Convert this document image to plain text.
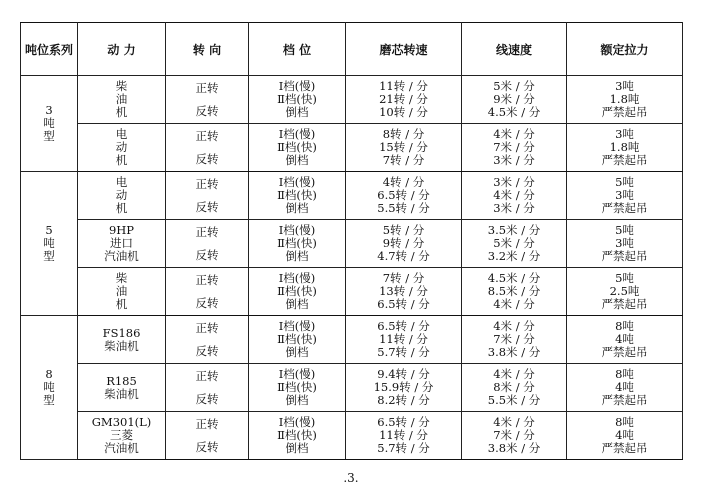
吨位系列	动 力	转 向	档 位	磨芯转速	线速度	额定拉力

3
吨
型	柴
油
机	正转
反转	I档(慢)
Ⅱ档(快)
倒档	11转 / 分
21转 / 分
10转 / 分	5米 / 分
9米 / 分
4.5米 / 分	3吨
1.8吨
严禁起吊

	电
动
机	正转
反转	I档(慢)
Ⅱ档(快)
倒档	8转 / 分
15转 / 分
7转 / 分	4米 / 分
7米 / 分
3米 / 分	3吨
1.8吨
严禁起吊

5
吨
型	电
动
机	正转
反转	I档(慢)
Ⅱ档(快)
倒档	4转 / 分
6.5转 / 分
5.5转 / 分	3米 / 分
4米 / 分
3米 / 分	5吨
3吨
严禁起吊

	9HP
进口
汽油机	正转
反转	I档(慢)
Ⅱ档(快)
倒档	5转 / 分
9转 / 分
4.7转 / 分	3.5米 / 分
5米 / 分
3.2米 / 分	5吨
3吨
严禁起吊

	柴
油
机	正转
反转	I档(慢)
Ⅱ档(快)
倒档	7转 / 分
13转 / 分
6.5转 / 分	4.5米 / 分
8.5米 / 分
4米 / 分	5吨
2.5吨
严禁起吊

8
吨
型	FS186
柴油机	正转
反转	I档(慢)
Ⅱ档(快)
倒档	6.5转 / 分
11转 / 分
5.7转 / 分	4米 / 分
7米 / 分
3.8米 / 分	8吨
4吨
严禁起吊

	R185
柴油机	正转
反转	I档(慢)
Ⅱ档(快)
倒档	9.4转 / 分
15.9转 / 分
8.2转 / 分	4米 / 分
8米 / 分
5.5米 / 分	8吨
4吨
严禁起吊

	GM301(L)
三菱
汽油机	正转
反转	I档(慢)
Ⅱ档(快)
倒档	6.5转 / 分
11转 / 分
5.7转 / 分	4米 / 分
7米 / 分
3.8米 / 分	8吨
4吨
严禁起吊
.3.
